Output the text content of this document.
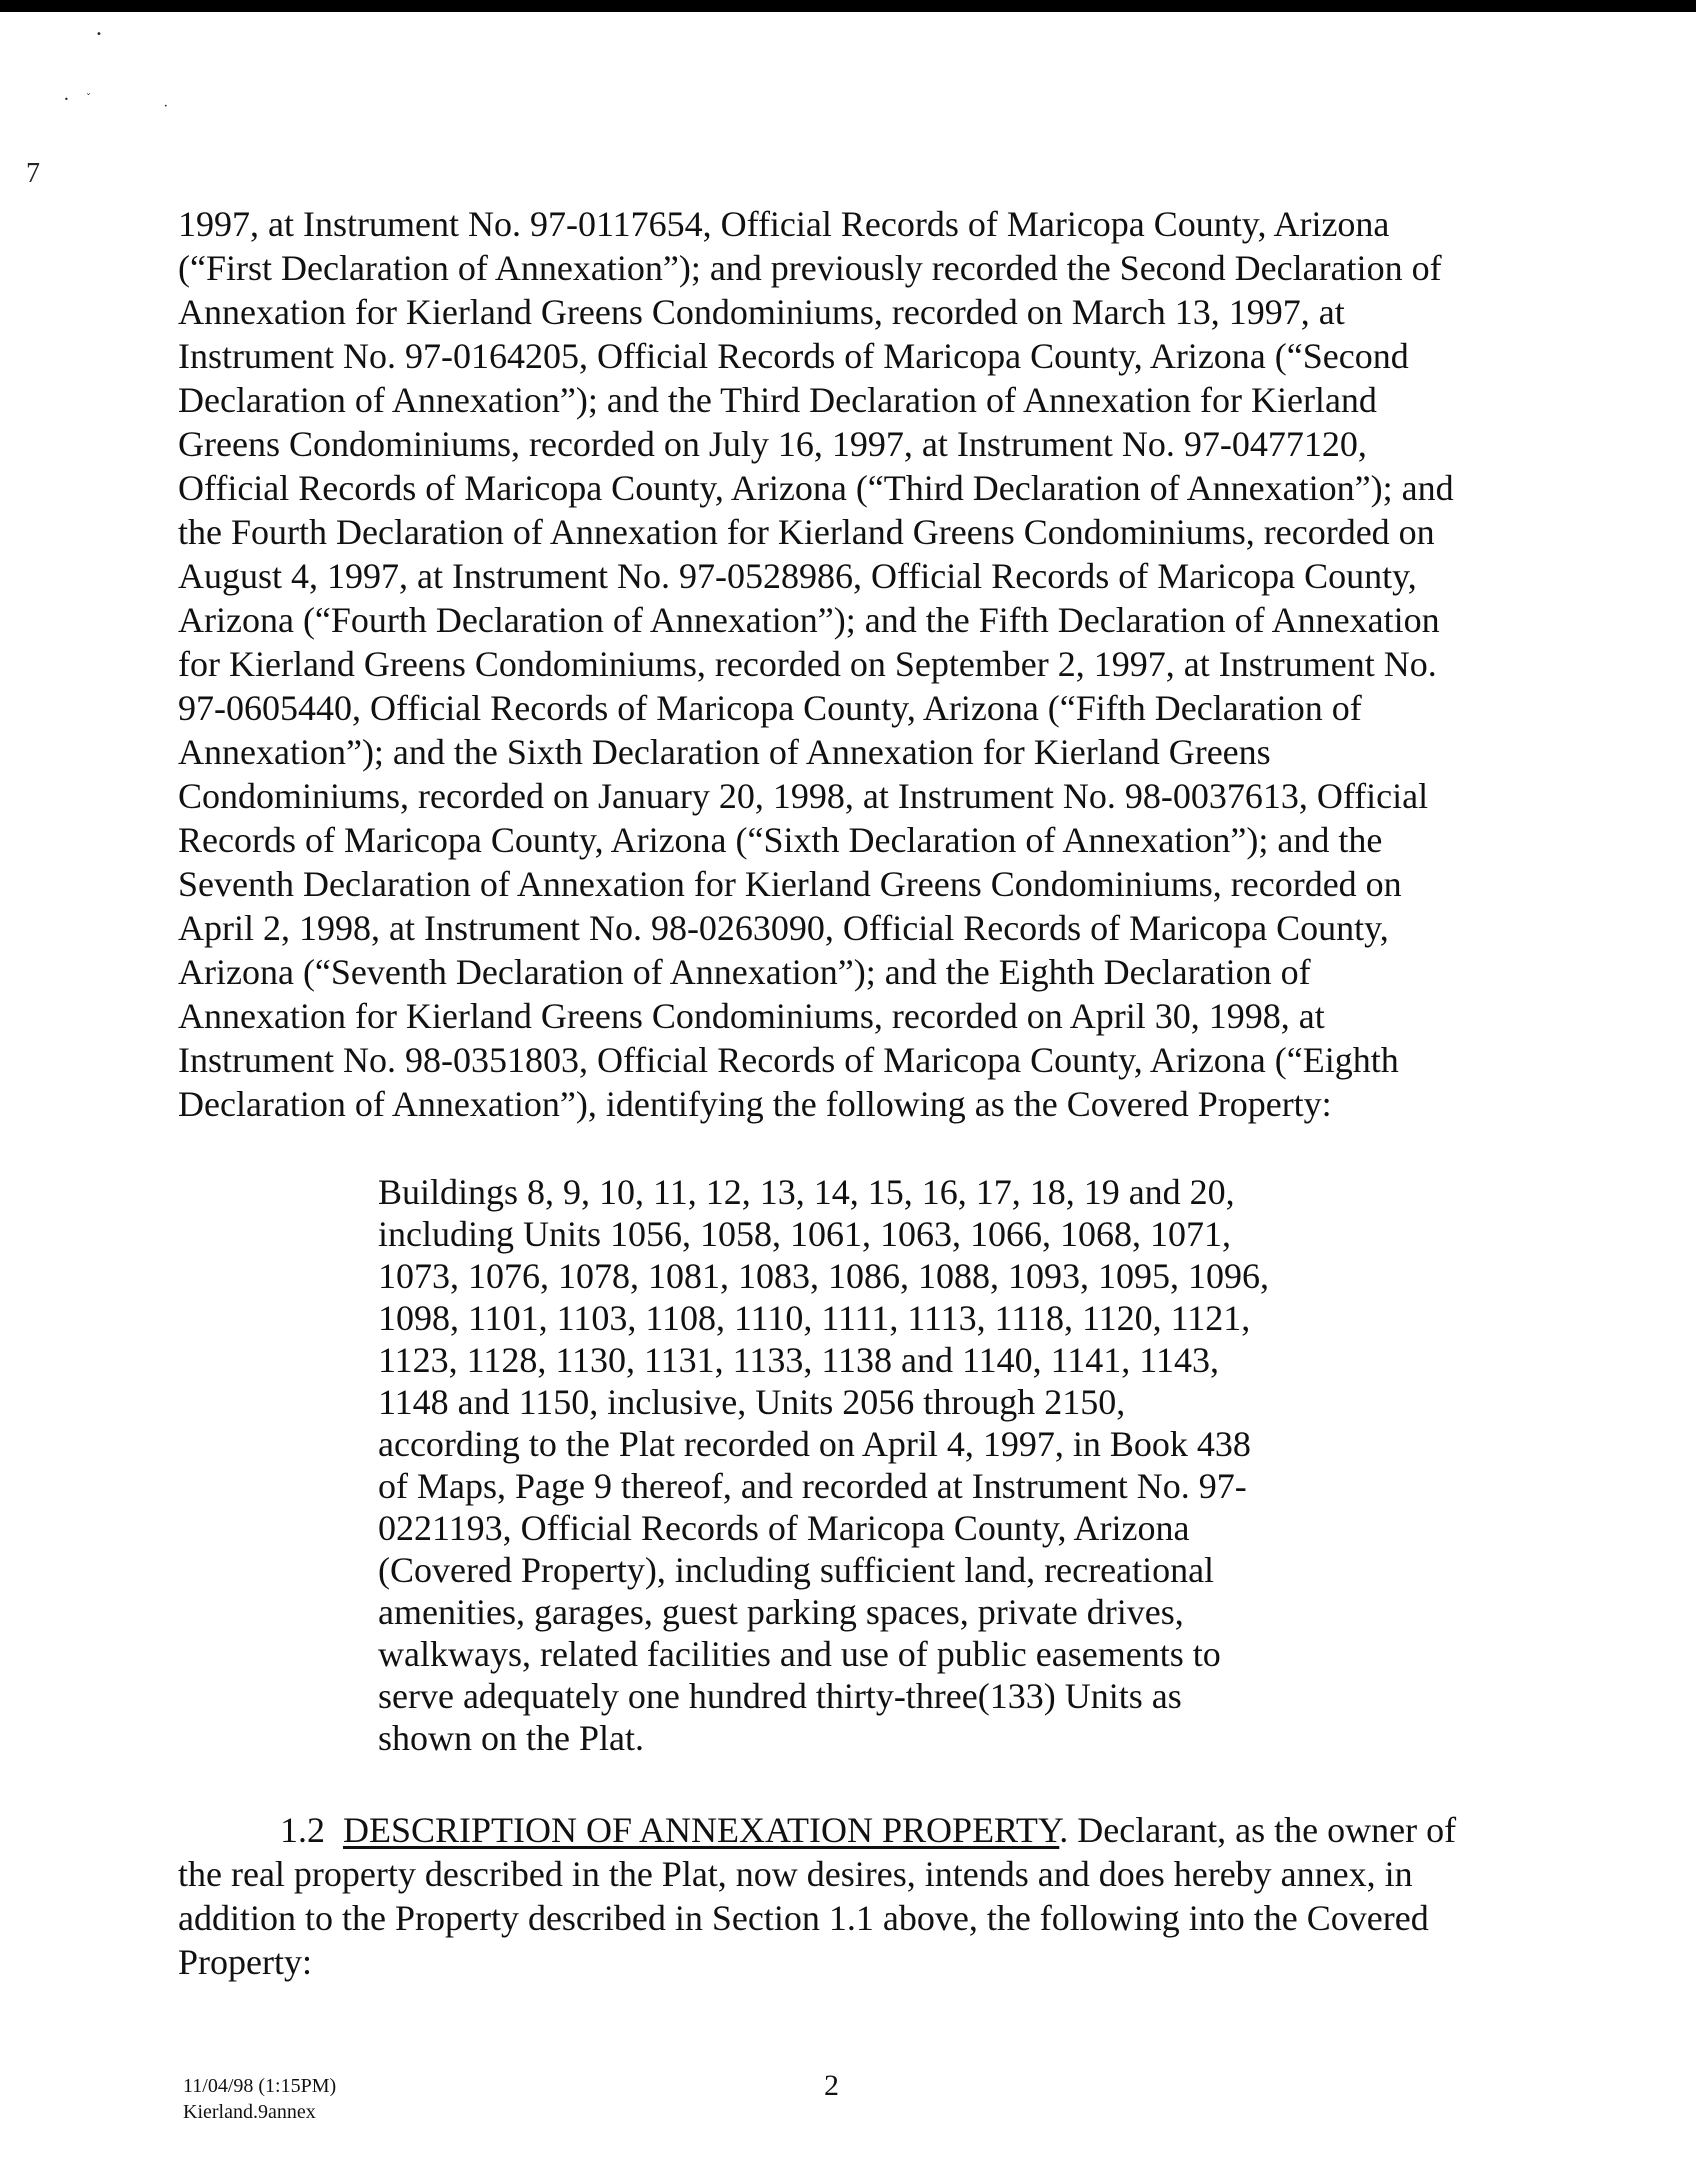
•
• ˇ
•
7
1997, at Instrument No. 97-0117654, Official Records of Maricopa County, Arizona
(“First Declaration of Annexation”); and previously recorded the Second Declaration of
Annexation for Kierland Greens Condominiums, recorded on March 13, 1997, at
Instrument No. 97-0164205, Official Records of Maricopa County, Arizona (“Second
Declaration of Annexation”); and the Third Declaration of Annexation for Kierland
Greens Condominiums, recorded on July 16, 1997, at Instrument No. 97-0477120,
Official Records of Maricopa County, Arizona (“Third Declaration of Annexation”); and
the Fourth Declaration of Annexation for Kierland Greens Condominiums, recorded on
August 4, 1997, at Instrument No. 97-0528986, Official Records of Maricopa County,
Arizona (“Fourth Declaration of Annexation”); and the Fifth Declaration of Annexation
for Kierland Greens Condominiums, recorded on September 2, 1997, at Instrument No.
97-0605440, Official Records of Maricopa County, Arizona (“Fifth Declaration of
Annexation”); and the Sixth Declaration of Annexation for Kierland Greens
Condominiums, recorded on January 20, 1998, at Instrument No. 98-0037613, Official
Records of Maricopa County, Arizona (“Sixth Declaration of Annexation”); and the
Seventh Declaration of Annexation for Kierland Greens Condominiums, recorded on
April 2, 1998, at Instrument No. 98-0263090, Official Records of Maricopa County,
Arizona (“Seventh Declaration of Annexation”); and the Eighth Declaration of
Annexation for Kierland Greens Condominiums, recorded on April 30, 1998, at
Instrument No. 98-0351803, Official Records of Maricopa County, Arizona (“Eighth
Declaration of Annexation”), identifying the following as the Covered Property:
Buildings 8, 9, 10, 11, 12, 13, 14, 15, 16, 17, 18, 19 and 20,
including Units 1056, 1058, 1061, 1063, 1066, 1068, 1071,
1073, 1076, 1078, 1081, 1083, 1086, 1088, 1093, 1095, 1096,
1098, 1101, 1103, 1108, 1110, 1111, 1113, 1118, 1120, 1121,
1123, 1128, 1130, 1131, 1133, 1138 and 1140, 1141, 1143,
1148 and 1150, inclusive, Units 2056 through 2150,
according to the Plat recorded on April 4, 1997, in Book 438
of Maps, Page 9 thereof, and recorded at Instrument No. 97-
0221193, Official Records of Maricopa County, Arizona
(Covered Property), including sufficient land, recreational
amenities, garages, guest parking spaces, private drives,
walkways, related facilities and use of public easements to
serve adequately one hundred thirty-three(133) Units as
shown on the Plat.
1.2 DESCRIPTION OF ANNEXATION PROPERTY. Declarant, as the owner of
the real property described in the Plat, now desires, intends and does hereby annex, in
addition to the Property described in Section 1.1 above, the following into the Covered
Property:
11/04/98 (1:15PM)
Kierland.9annex
2
